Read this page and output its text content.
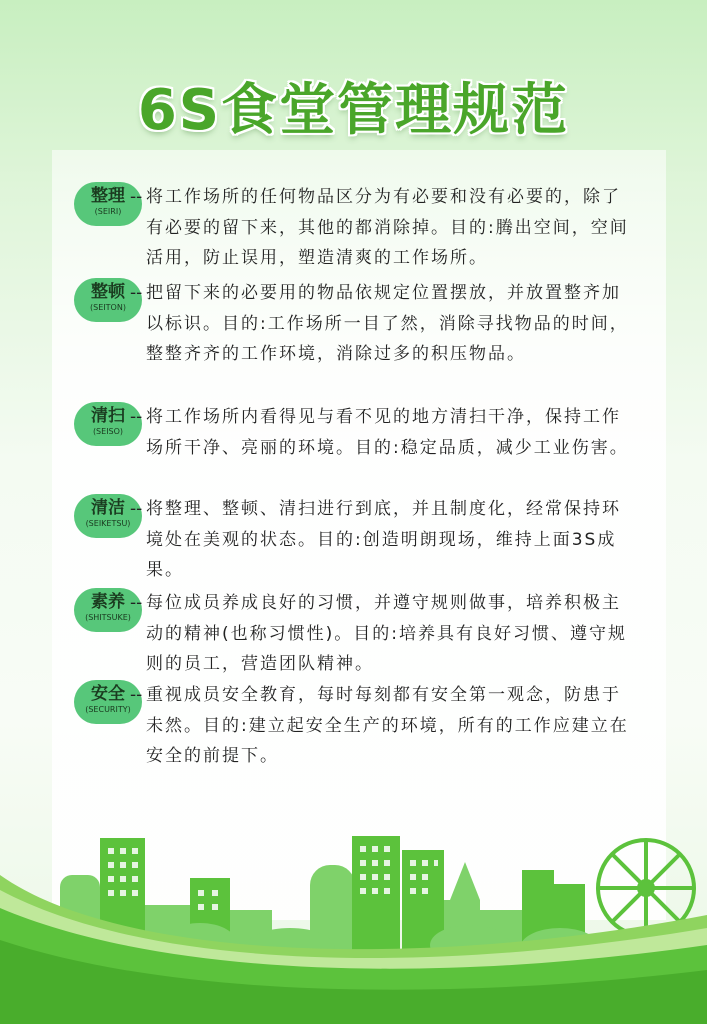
6S食堂管理规范
整理
(SEIRI)
-- 将工作场所的任何物品区分为有必要和没有必要的，除了有必要的留下来，其他的都消除掉。目的:腾出空间，空间活用，防止误用，塑造清爽的工作场所。
整顿
(SEITON)
-- 把留下来的必要用的物品依规定位置摆放，并放置整齐加以标识。目的:工作场所一目了然，消除寻找物品的时间，整整齐齐的工作环境，消除过多的积压物品。
清扫
(SEISO)
-- 将工作场所内看得见与看不见的地方清扫干净，保持工作场所干净、亮丽的环境。目的:稳定品质，减少工业伤害。
清洁
(SEIKETSU)
-- 将整理、整顿、清扫进行到底，并且制度化，经常保持环境处在美观的状态。目的:创造明朗现场，维持上面3S成果。
素养
(SHITSUKE)
-- 每位成员养成良好的习惯，并遵守规则做事，培养积极主动的精神(也称习惯性)。目的:培养具有良好习惯、遵守规则的员工，营造团队精神。
安全
(SECURITY)
-- 重视成员安全教育，每时每刻都有安全第一观念，防患于未然。目的:建立起安全生产的环境，所有的工作应建立在安全的前提下。
